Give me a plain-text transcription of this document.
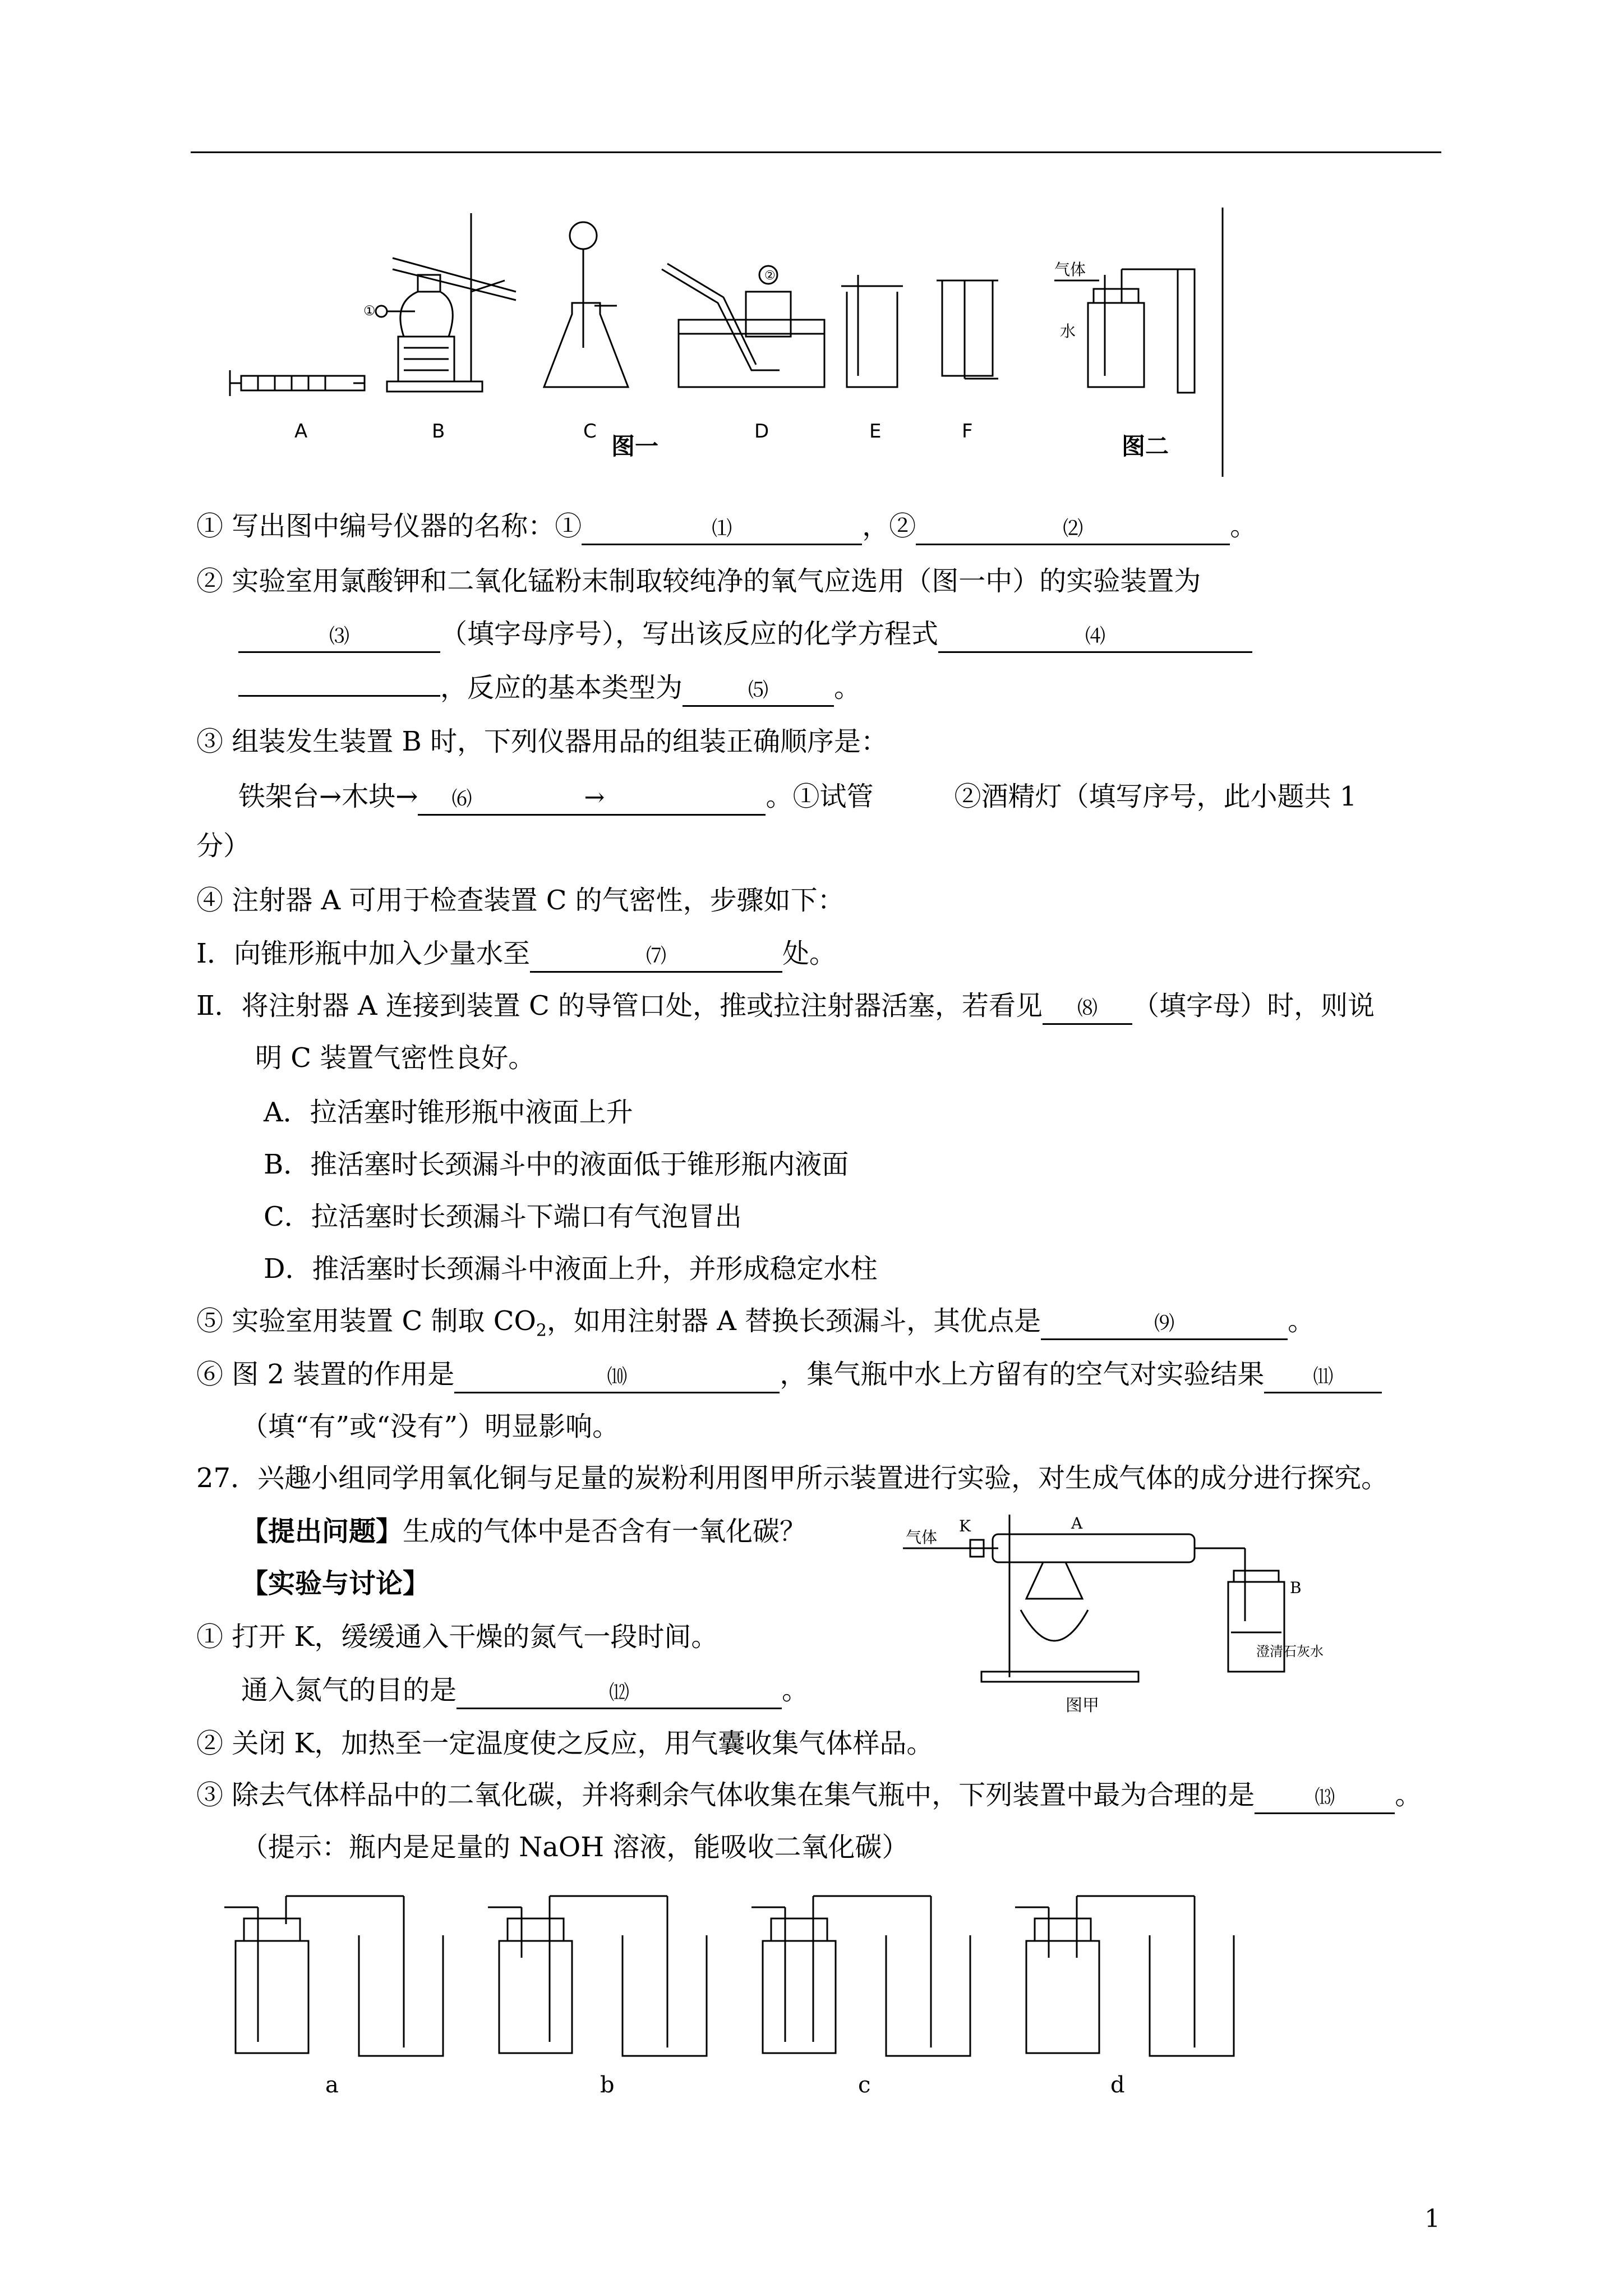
①
②	气体
水
A	B	C	D	E	F
图一	图二
① 写出图中编号仪器的名称：①	⑴	，②	⑵	。
② 实验室用氯酸钾和二氧化锰粉末制取较纯净的氧气应选用（图一中）的实验装置为
⑶	（填字母序号），写出该反应的化学方程式	⑷
，反应的基本类型为	⑸ 。
③ 组装发生装置 B 时，下列仪器用品的组装正确顺序是：
铁架台→木块→ ⑹	→	。①试管　　　②酒精灯（填写序号，此小题共 1
分）
④ 注射器 A 可用于检查装置 C 的气密性，步骤如下：
Ⅰ．向锥形瓶中加入少量水至	⑺	处。
Ⅱ．将注射器 A 连接到装置 C 的导管口处，推或拉注射器活塞，若看见 ⑻ （填字母）时，则说
明 C 装置气密性良好。
A．拉活塞时锥形瓶中液面上升
B．推活塞时长颈漏斗中的液面低于锥形瓶内液面
C．拉活塞时长颈漏斗下端口有气泡冒出
D．推活塞时长颈漏斗中液面上升，并形成稳定水柱
⑤ 实验室用装置 C 制取 $CO_2$，如用注射器 A 替换长颈漏斗，其优点是	⑼	。
⑥ 图 2 装置的作用是	⑽	，集气瓶中水上方留有的空气对实验结果 ⑾
（填“有”或“没有”）明显影响。
27．兴趣小组同学用氧化铜与足量的炭粉利用图甲所示装置进行实验，对生成气体的成分进行探究。
【提出问题】生成的气体中是否含有一氧化碳？
【实验与讨论】
① 打开 K，缓缓通入干燥的氮气一段时间。
通入氮气的目的是	⑿	。
② 关闭 K，加热至一定温度使之反应，用气囊收集气体样品。
③ 除去气体样品中的二氧化碳，并将剩余气体收集在集气瓶中，下列装置中最为合理的是	⒀ 。
（提示：瓶内是足量的 NaOH 溶液，能吸收二氧化碳）
气体
K	A
B
澄清石灰水
图甲
a	b	c	d
1
